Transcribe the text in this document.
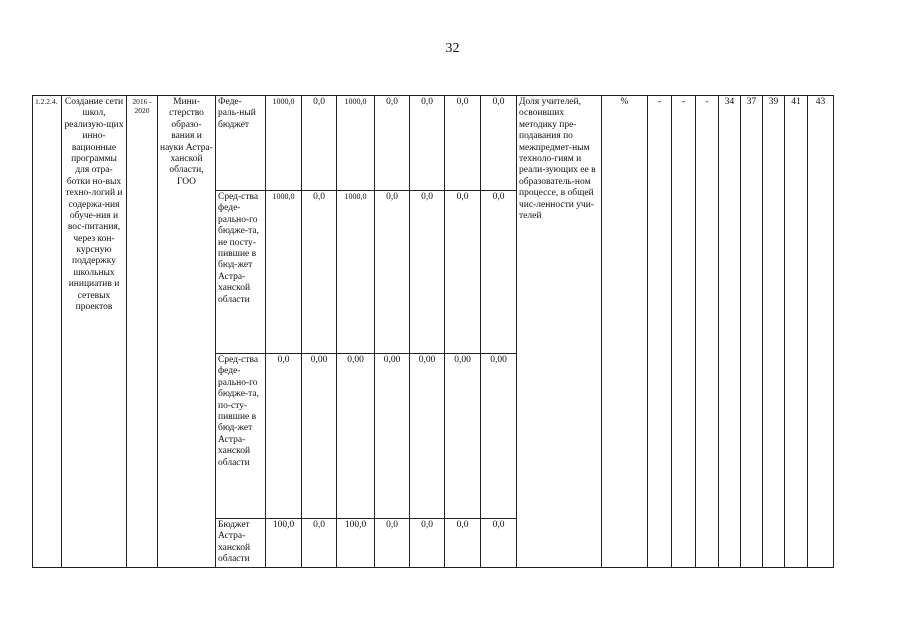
32
1.2.2.4.	Создание сети школ, реализую-щих инно-вационные программы для отра-ботки но-вых техно-логий и содержа-ния обуче-ния и вос-питания, через кон-курсную поддержку школьных инициатив и сетевых проектов	2016 - 2020	Мини-стерство образо-вания и науки Астра-ханской области, ГОО	Феде-раль-ный бюджет	1000,0	0,0	1000,0	0,0	0,0	0,0	0,0	Доля учителей, освоивших методику пре-подавания по межпредмет-ным техноло-гиям и реали-зующих ее в образователь-ном процессе, в общей чис-ленности учи-телей	%	-	-	-	34	37	39	41	43
				Сред-ства феде-рально-го бюдже-та, не посту-пившие в бюд-жет Астра-ханской области	1000,0	0,0	1000,0	0,0	0,0	0,0	0,0										
				Сред-ства феде-рально-го бюдже-та, по-сту-пившие в бюд-жет Астра-ханской области	0,0	0,00	0,00	0,00	0,00	0,00	0,00										
				Бюджет Астра-ханской области	100,0	0,0	100,0	0,0	0,0	0,0	0,0										
